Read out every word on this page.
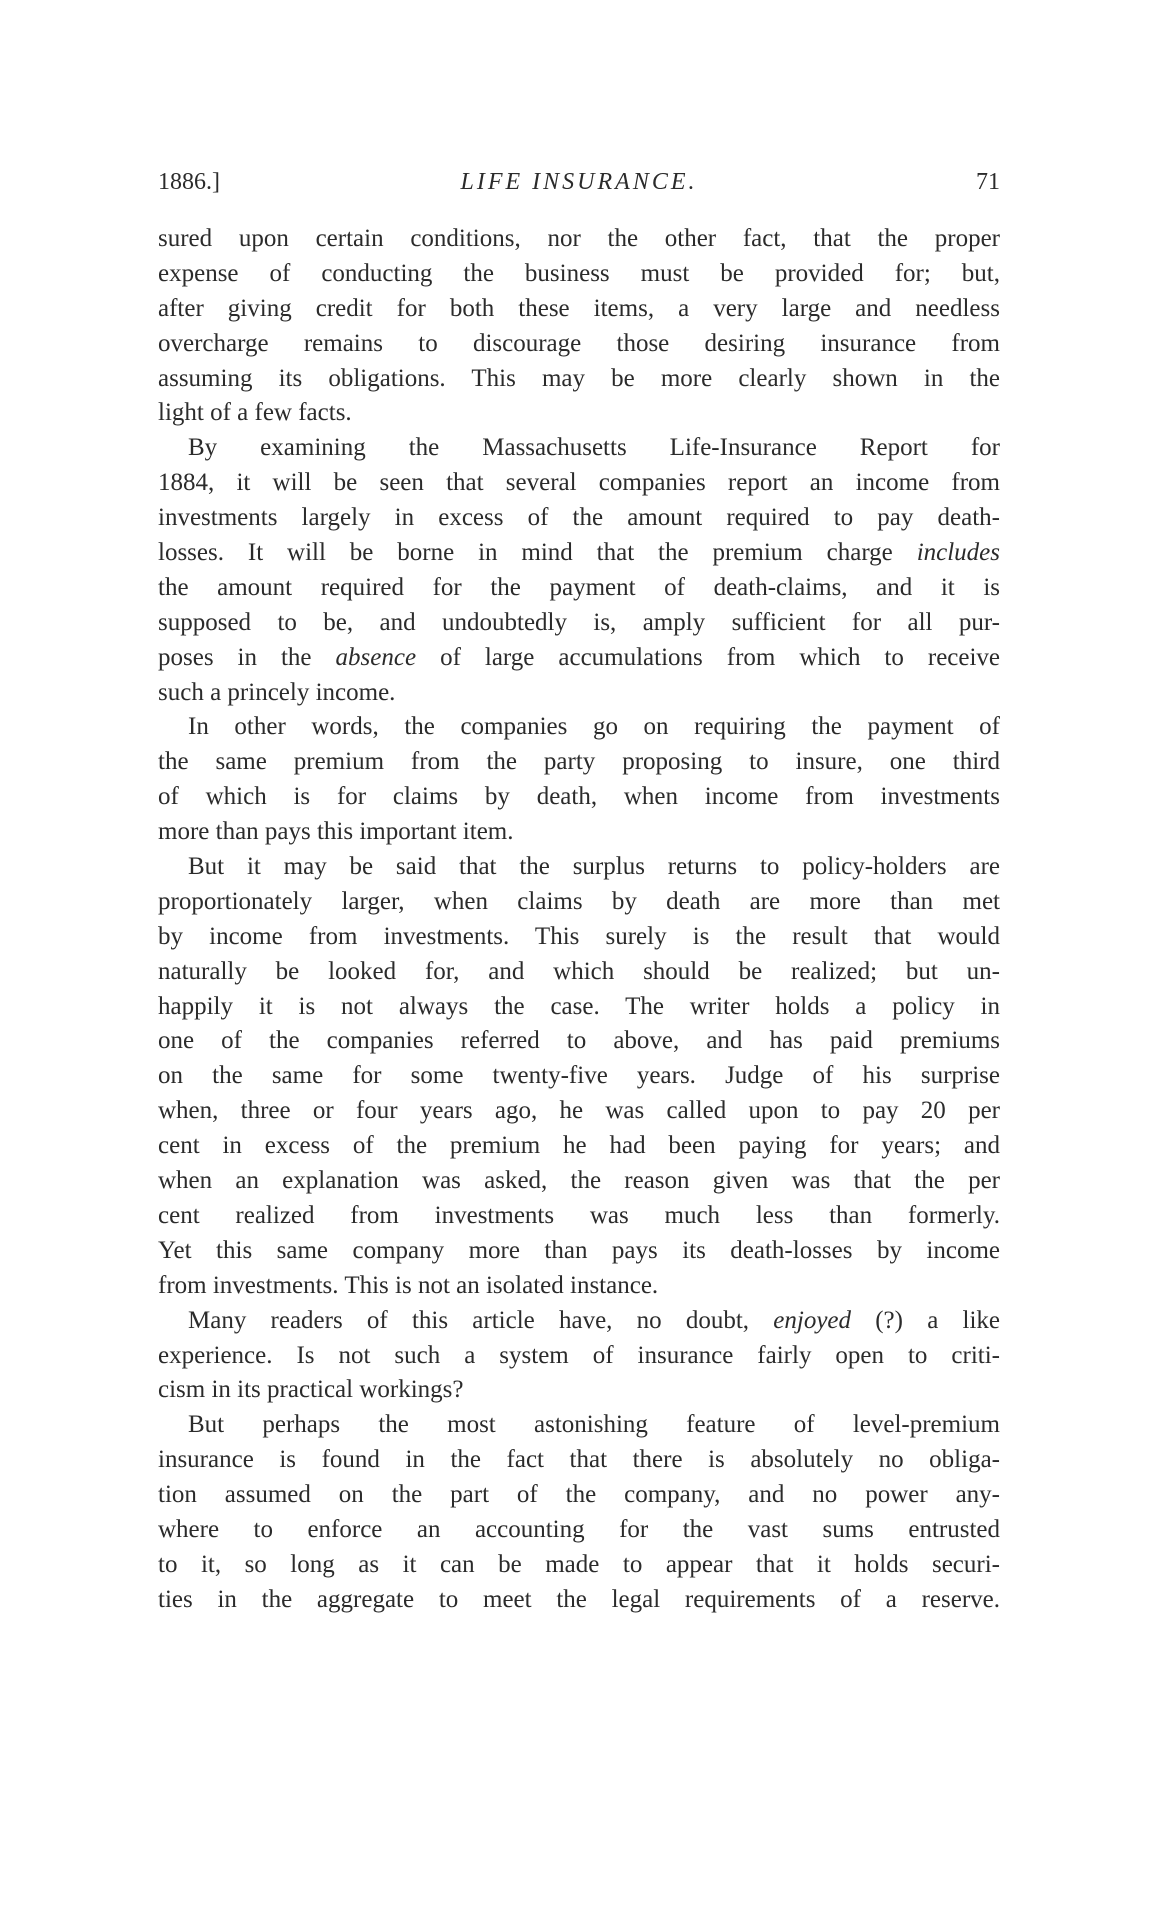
1886.]	LIFE INSURANCE.	71
sured upon certain conditions, nor the other fact, that the proper
expense of conducting the business must be provided for; but,
after giving credit for both these items, a very large and needless
overcharge remains to discourage those desiring insurance from
assuming its obligations. This may be more clearly shown in the
light of a few facts.
By examining the Massachusetts Life-Insurance Report for
1884, it will be seen that several companies report an income from
investments largely in excess of the amount required to pay death-
losses. It will be borne in mind that the premium charge includes
the amount required for the payment of death-claims, and it is
supposed to be, and undoubtedly is, amply sufficient for all pur-
poses in the absence of large accumulations from which to receive
such a princely income.
In other words, the companies go on requiring the payment of
the same premium from the party proposing to insure, one third
of which is for claims by death, when income from investments
more than pays this important item.
But it may be said that the surplus returns to policy-holders are
proportionately larger, when claims by death are more than met
by income from investments. This surely is the result that would
naturally be looked for, and which should be realized; but un-
happily it is not always the case. The writer holds a policy in
one of the companies referred to above, and has paid premiums
on the same for some twenty-five years. Judge of his surprise
when, three or four years ago, he was called upon to pay 20 per
cent in excess of the premium he had been paying for years; and
when an explanation was asked, the reason given was that the per
cent realized from investments was much less than formerly.
Yet this same company more than pays its death-losses by income
from investments. This is not an isolated instance.
Many readers of this article have, no doubt, enjoyed (?) a like
experience. Is not such a system of insurance fairly open to criti-
cism in its practical workings?
But perhaps the most astonishing feature of level-premium
insurance is found in the fact that there is absolutely no obliga-
tion assumed on the part of the company, and no power any-
where to enforce an accounting for the vast sums entrusted
to it, so long as it can be made to appear that it holds securi-
ties in the aggregate to meet the legal requirements of a reserve.
